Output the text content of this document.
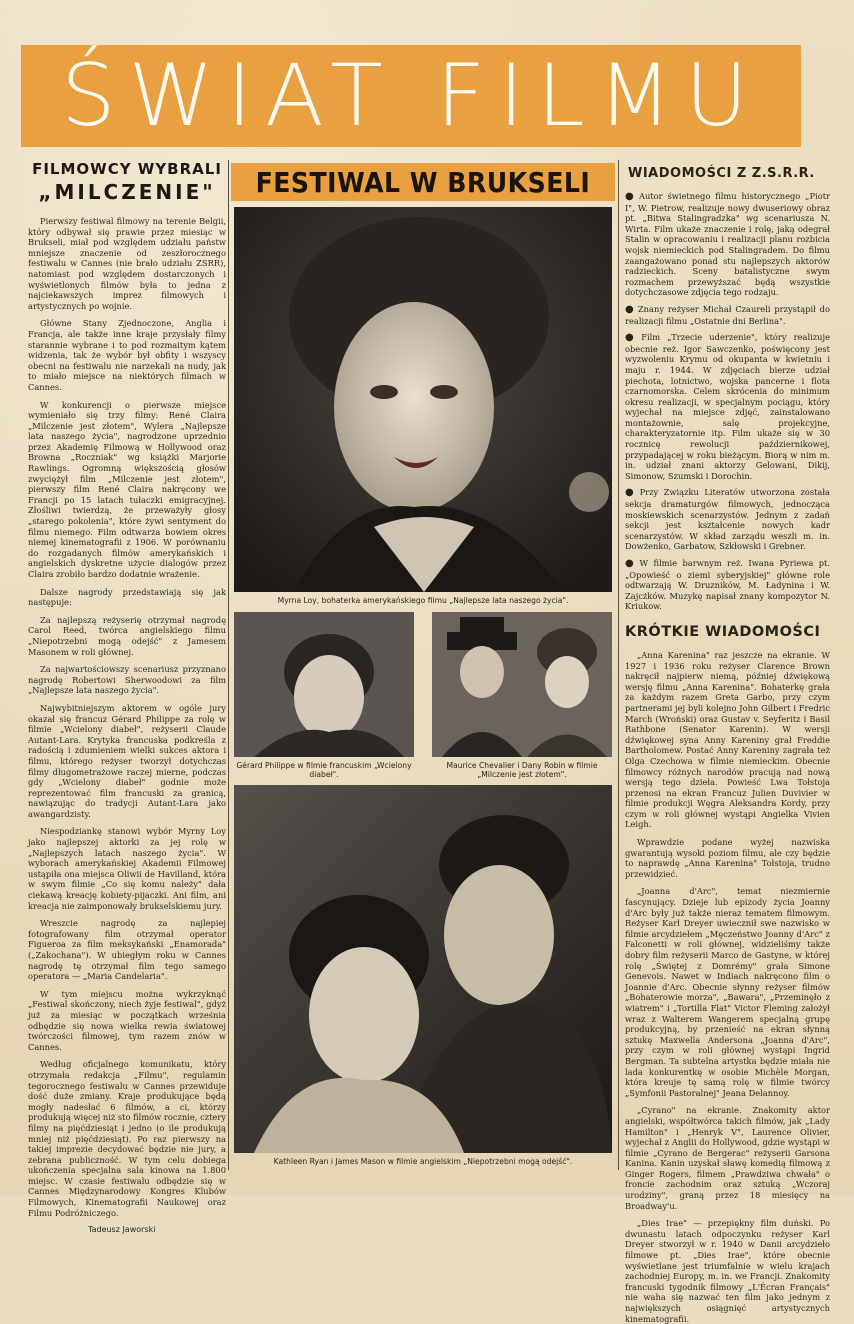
ŚWIAT FILMU
FILMOWCY WYBRALI
„MILCZENIE"

Pierwszy festiwal filmowy na terenie Belgii, który odbywał się prawie przez miesiąc w Brukseli, miał pod względem udziału państw mniejsze znaczenie od zeszłorocznego festiwalu w Cannes (nie brało udziału ZSRR), natomiast pod względem dostarczonych i wyświetlonych filmów była to jedna z najciekawszych imprez filmowych i artystycznych po wojnie.

Główne Stany Zjednoczone, Anglia i Francja, ale także inne kraje przysłały filmy starannie wybrane i to pod rozmaitym kątem widzenia, tak że wybór był obfity i wszyscy obecni na festiwalu nie narzekali na nudy, jak to miało miejsce na niektórych filmach w Cannes.

W konkurencji o pierwsze miejsce wymieniało się trzy filmy: René Claira „Milczenie jest złotem", Wylera „Najlepsze lata naszego życia", nagrodzone uprzednio przez Akademię Filmową w Hollywood oraz Browna „Roczniak" wg książki Marjorie Rawlings. Ogromną większością głosów zwyciężył film „Milczenie jest złotem", pierwszy film René Claira nakręcony we Francji po 15 latach tułaczki emigracyjnej. Złośliwi twierdzą, że przeważyły głosy „starego pokolenia", które żywi sentyment do filmu niemego. Film odtwarza bowiem okres niemej kinematografii z 1906. W porównaniu do rozgadanych filmów amerykańskich i angielskich dyskretne użycie dialogów przez Claira zrobiło bardzo dodatnie wrażenie.

Dalsze nagrody przedstawiają się jak następuje:

Za najlepszą reżyserię otrzymał nagrodę Carol Reed, twórca angielskiego filmu „Niepotrzebni mogą odejść" z Jamesem Masonem w roli głównej.

Za najwartościowszy scenariusz przyznano nagrodę Robertowi Sherwoodowi za film „Najlepsze lata naszego życia".

Najwybitniejszym aktorem w ogóle jury okazał się francuz Gérard Philippe za rolę w filmie „Wcielony diabeł", reżyserii Claude Autant-Lara. Krytyka francuska podkreśla z radością i zdumieniem wielki sukces aktora i filmu, którego reżyser tworzył dotychczas filmy długometrażowe raczej mierne, podczas gdy „Wcielony diabeł" godnie może reprezentować film francuski za granicą, nawiązując do tradycji Autant-Lara jako awangardzisty.

Niespodziankę stanowi wybór Myrny Loy jako najlepszej aktorki za jej rolę w „Najlepszych latach naszego życia". W wyborach amerykańskiej Akademii Filmowej ustąpiła ona miejsca Oliwii de Havilland, która w swym filmie „Co się komu należy" dała ciekawą kreację kobiety-pijaczki. Ani film, ani kreacja nie zaimponowały brukselskiemu jury.

Wreszcie nagrodę za najlepiej fotografowany film otrzymał operator Figueroa za film meksykański „Enamorada" („Zakochana"). W ubiegłym roku w Cannes nagrodę tę otrzymał film tego samego operatora — „Maria Candelaria".

W tym miejscu można wykrzyknąć „Festiwal skończony, niech żyje festiwal", gdyż już za miesiąc w początkach września odbędzie się nowa wielka rewia światowej twórczości filmowej, tym razem znów w Cannes.

Według oficjalnego komunikatu, który otrzymała redakcja „Filmu", regulamin tegorocznego festiwalu w Cannes przewiduje dość duże zmiany. Kraje produkujące będą mogły nadesłać 6 filmów, a ci, którzy produkują więcej niż sto filmów rocznie, cztery filmy na pięćdziesiąt i jedno (o ile produkują mniej niż pięćdziesiąt). Po raz pierwszy na takiej imprezie decydować będzie nie jury, a zebrana publiczność. W tym celu dobiega ukończenia specjalna sala kinowa na 1.800 miejsc. W czasie festiwalu odbędzie się w Cannes Międzynarodowy Kongres Klubów Filmowych, Kinematografii Naukowej oraz Filmu Podróżniczego.

Tadeusz Jaworski
FESTIWAL W BRUKSELI
Myrna Loy, bohaterka amerykańskiego filmu „Najlepsze lata naszego życia".
Gérard Philippe w filmie francuskim „Wcielony diabeł".
Maurice Chevalier i Dany Robin w filmie „Milczenie jest złotem".
Kathleen Ryan i James Mason w filmie angielskim „Niepotrzebni mogą odejść".
WIADOMOŚCI Z Z.S.R.R.

● Autor świetnego filmu historycznego „Piotr I", W. Pietrow, realizuje nowy dwuseriowy obraz pt. „Bitwa Stalingradzka" wg scenariusza N. Wirta. Film ukaże znaczenie i rolę, jaką odegrał Stalin w opracowaniu i realizacji planu rozbicia wojsk niemieckich pod Stalingradem. Do filmu zaangażowano ponad stu najlepszych aktorów radzieckich. Sceny batalistyczne swym rozmachem przewyższać będą wszystkie dotychczasowe zdjęcia tego rodzaju.

● Znany reżyser Michał Czaureli przystąpił do realizacji filmu „Ostatnie dni Berlina".

● Film „Trzecie uderzenie", który realizuje obecnie reż. Igor Sawczenko, poświęcony jest wyzwoleniu Krymu od okupanta w kwietniu i maju r. 1944. W zdjęciach bierze udział piechota, lotnictwo, wojska pancerne i flota czarnomorska. Celem skrócenia do minimum okresu realizacji, w specjalnym pociągu, który wyjechał na miejsce zdjęć, zainstalowano montażownie, salę projekcyjne, charakteryzatornie itp. Film ukaże się w 30 rocznicę rewolucji październikowej, przypadającej w roku bieżącym. Biorą w nim m. in. udział znani aktorzy Gelowani, Dikij, Simonow, Szumski i Dorochin.

● Przy Związku Literatów utworzona została sekcja dramaturgów filmowych, jednocząca moskiewskich scenarzystów. Jednym z zadań sekcji jest kształcenie nowych kadr scenarzystów. W skład zarządu weszli m. in. Dowżenko, Garbatow, Szkłowski i Grebner.

● W filmie barwnym reż. Iwana Pyriewa pt. „Opowieść o ziemi syberyjskiej" główne role odtwarzają W. Druzników, M. Ładynina i W. Zajcżków. Muzykę napisał znany kompozytor N. Kriukow.

KRÓTKIE WIADOMOŚCI

„Anna Karenina" raz jeszcze na ekranie. W 1927 i 1936 roku reżyser Clarence Brown nakręcił najpierw niemą, później dźwiękową wersję filmu „Anna Karenina". Bohaterkę grała za każdym razem Greta Garbo, przy czym partnerami jej byli kolejno John Gilbert i Fredric March (Wroński) oraz Gustav v. Seyferitz i Basil Rathbone (Senator Karenin). W wersji dźwiękowej syna Anny Kareniny grał Freddie Bartholomew. Postać Anny Kareniny zagrała też Olga Czechowa w filmie niemieckim. Obecnie filmowcy różnych narodów pracują nad nową wersją tego dzieła. Powieść Lwa Tołstoja przenosi na ekran Francuz Julien Duvivier w filmie produkcji Węgra Aleksandra Kordy, przy czym w roli głównej wystąpi Angielka Vivien Leigh.

Wprawdzie podane wyżej nazwiska gwarantują wysoki poziom filmu, ale czy będzie to naprawdę „Anna Karenina" Tołstoja, trudno przewidzieć.

„Joanna d'Arc", temat niezmiernie fascynujący. Dzieje lub epizody życia Joanny d'Arc były już także nieraz tematem filmowym. Reżyser Karl Dreyer uwiecznił swe nazwisko w filmie arcydziełem „Męczeństwo Joanny d'Arc" z Falconetti w roli głównej, widzieliśmy także dobry film reżyserii Marco de Gastyne, w której rolę „Świętej z Domrémy" grała Simone Genevois. Nawet w Indiach nakręcono film o Joannie d'Arc. Obecnie słynny reżyser filmów „Bohaterowie morza", „Bawara", „Przeminęło z wiatrem" i „Tortilla Flat" Victor Fleming założył wraz z Walterem Wangerem specjalną grupę produkcyjną, by przenieść na ekran słynną sztukę Maxwella Andersona „Joanna d'Arc", przy czym w roli głównej wystąpi Ingrid Bergman. Ta subtelna artystka będzie miała nie lada konkurentkę w osobie Michèle Morgan, która kreuje tę samą rolę w filmie twórcy „Symfonii Pastoralnej" Jeana Delannoy.

„Cyrano" na ekranie. Znakomity aktor angielski, współtwórca takich filmów, jak „Lady Hamilton" i „Henryk V", Laurence Olivier, wyjechał z Anglii do Hollywood, gdzie wystąpi w filmie „Cyrano de Bergerac" reżyserii Garsona Kanina. Kanin uzyskał sławę komedią filmową z Ginger Rogers, filmem „Prawdziwa chwała" o froncie zachodnim oraz sztuką „Wczoraj urodziny", graną przez 18 miesięcy na Broadway'u.

„Dies Irae" — przepiękny film duński. Po dwunastu latach odpoczynku reżyser Karl Dreyer stworzył w r. 1940 w Danii arcydzieło filmowe pt. „Dies Irae", które obecnie wyświetlane jest triumfalnie w wielu krajach zachodniej Europy, m. in. we Francji. Znakomity francuski tygodnik filmowy „L'Écran Français" nie waha się nazwać ten film jako jednym z największych osiągnięć artystycznych kinematografii.
